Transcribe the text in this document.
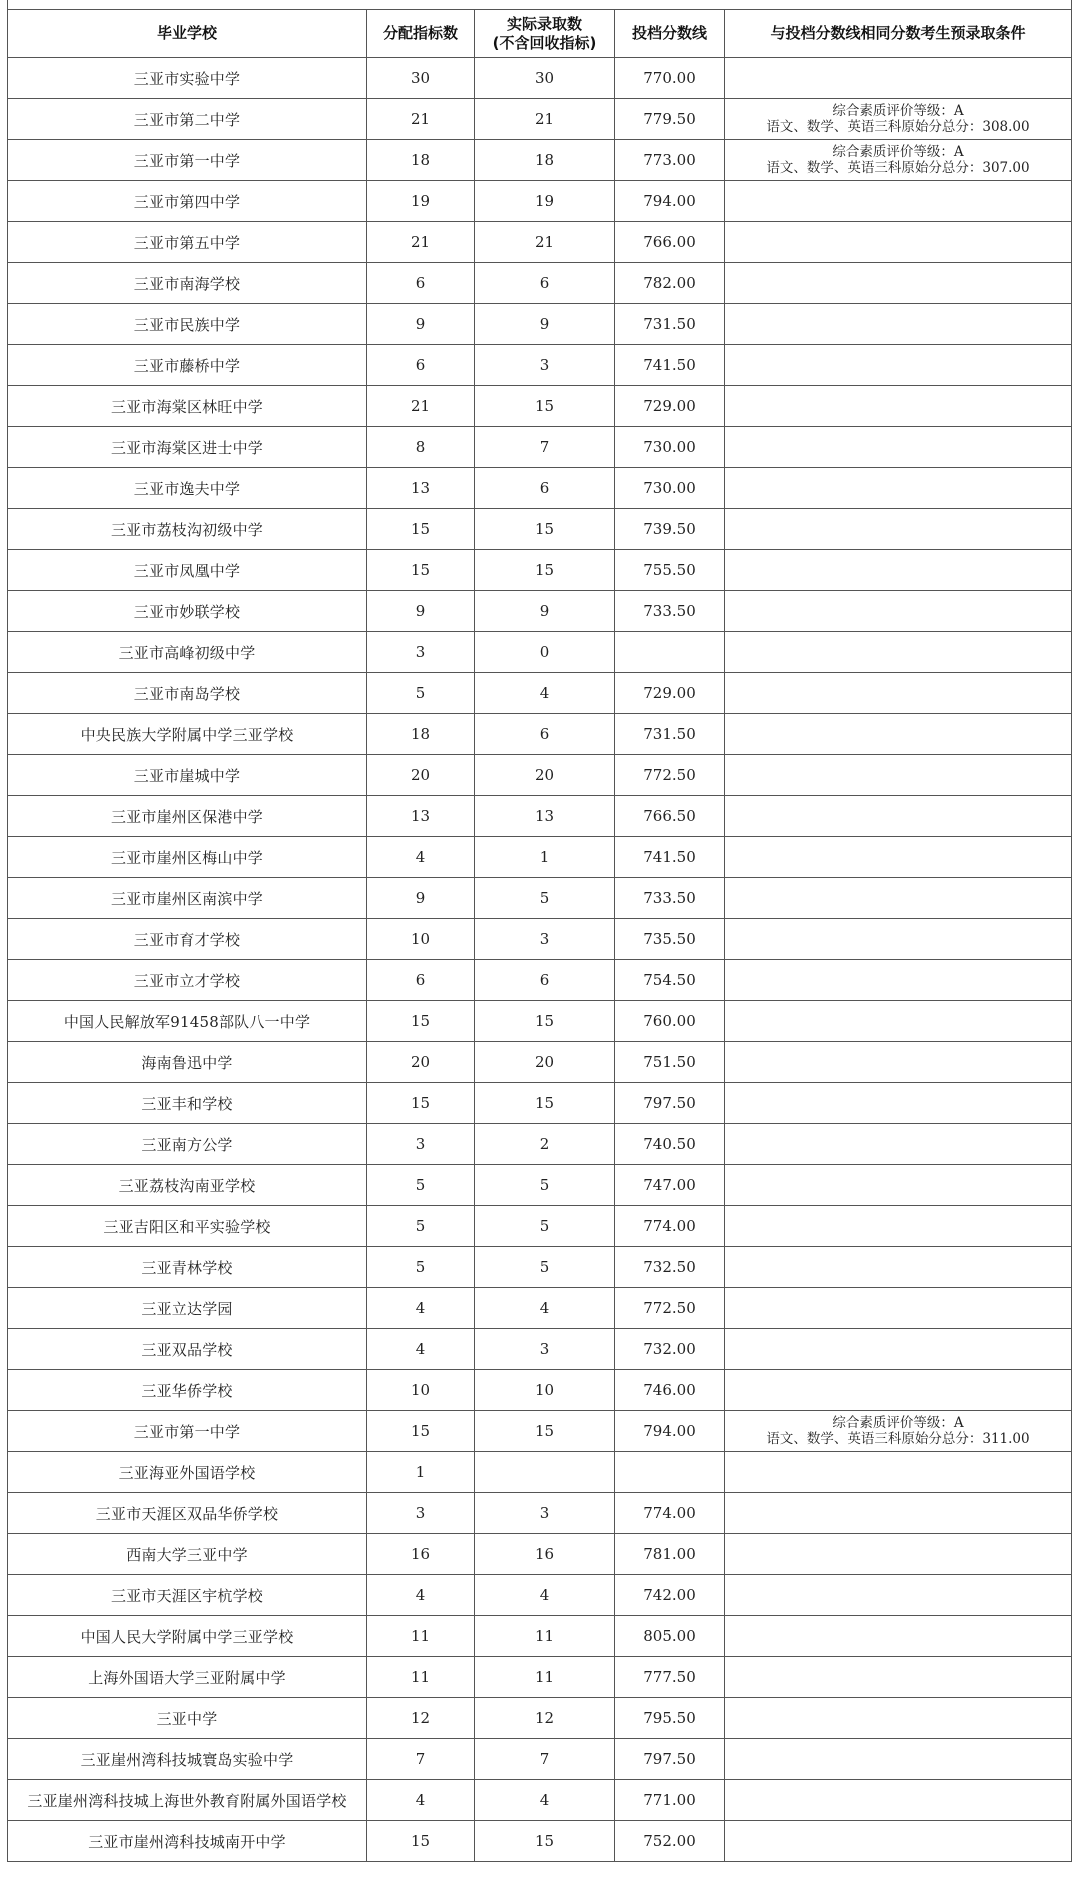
毕业学校	分配指标数	实际录取数
(不含回收指标)	投档分数线	与投档分数线相同分数考生预录取条件
三亚市实验中学	30	30	770.00	
三亚市第二中学	21	21	779.50	综合素质评价等级：A
语文、数学、英语三科原始分总分：308.00

三亚市第一中学	18	18	773.00	综合素质评价等级：A
语文、数学、英语三科原始分总分：307.00

三亚市第四中学	19	19	794.00	
三亚市第五中学	21	21	766.00	
三亚市南海学校	6	6	782.00	
三亚市民族中学	9	9	731.50	
三亚市藤桥中学	6	3	741.50	
三亚市海棠区林旺中学	21	15	729.00	
三亚市海棠区进士中学	8	7	730.00	
三亚市逸夫中学	13	6	730.00	
三亚市荔枝沟初级中学	15	15	739.50	
三亚市凤凰中学	15	15	755.50	
三亚市妙联学校	9	9	733.50	
三亚市高峰初级中学	3	0		
三亚市南岛学校	5	4	729.00	
中央民族大学附属中学三亚学校	18	6	731.50	
三亚市崖城中学	20	20	772.50	
三亚市崖州区保港中学	13	13	766.50	
三亚市崖州区梅山中学	4	1	741.50	
三亚市崖州区南滨中学	9	5	733.50	
三亚市育才学校	10	3	735.50	
三亚市立才学校	6	6	754.50	
中国人民解放军91458部队八一中学	15	15	760.00	
海南鲁迅中学	20	20	751.50	
三亚丰和学校	15	15	797.50	
三亚南方公学	3	2	740.50	
三亚荔枝沟南亚学校	5	5	747.00	
三亚吉阳区和平实验学校	5	5	774.00	
三亚青林学校	5	5	732.50	
三亚立达学园	4	4	772.50	
三亚双品学校	4	3	732.00	
三亚华侨学校	10	10	746.00	
三亚市第一中学	15	15	794.00	综合素质评价等级：A
语文、数学、英语三科原始分总分：311.00

三亚海亚外国语学校	1			
三亚市天涯区双品华侨学校	3	3	774.00	
西南大学三亚中学	16	16	781.00	
三亚市天涯区宇杭学校	4	4	742.00	
中国人民大学附属中学三亚学校	11	11	805.00	
上海外国语大学三亚附属中学	11	11	777.50	
三亚中学	12	12	795.50	
三亚崖州湾科技城寰岛实验中学	7	7	797.50	
三亚崖州湾科技城上海世外教育附属外国语学校	4	4	771.00	
三亚市崖州湾科技城南开中学	15	15	752.00	
